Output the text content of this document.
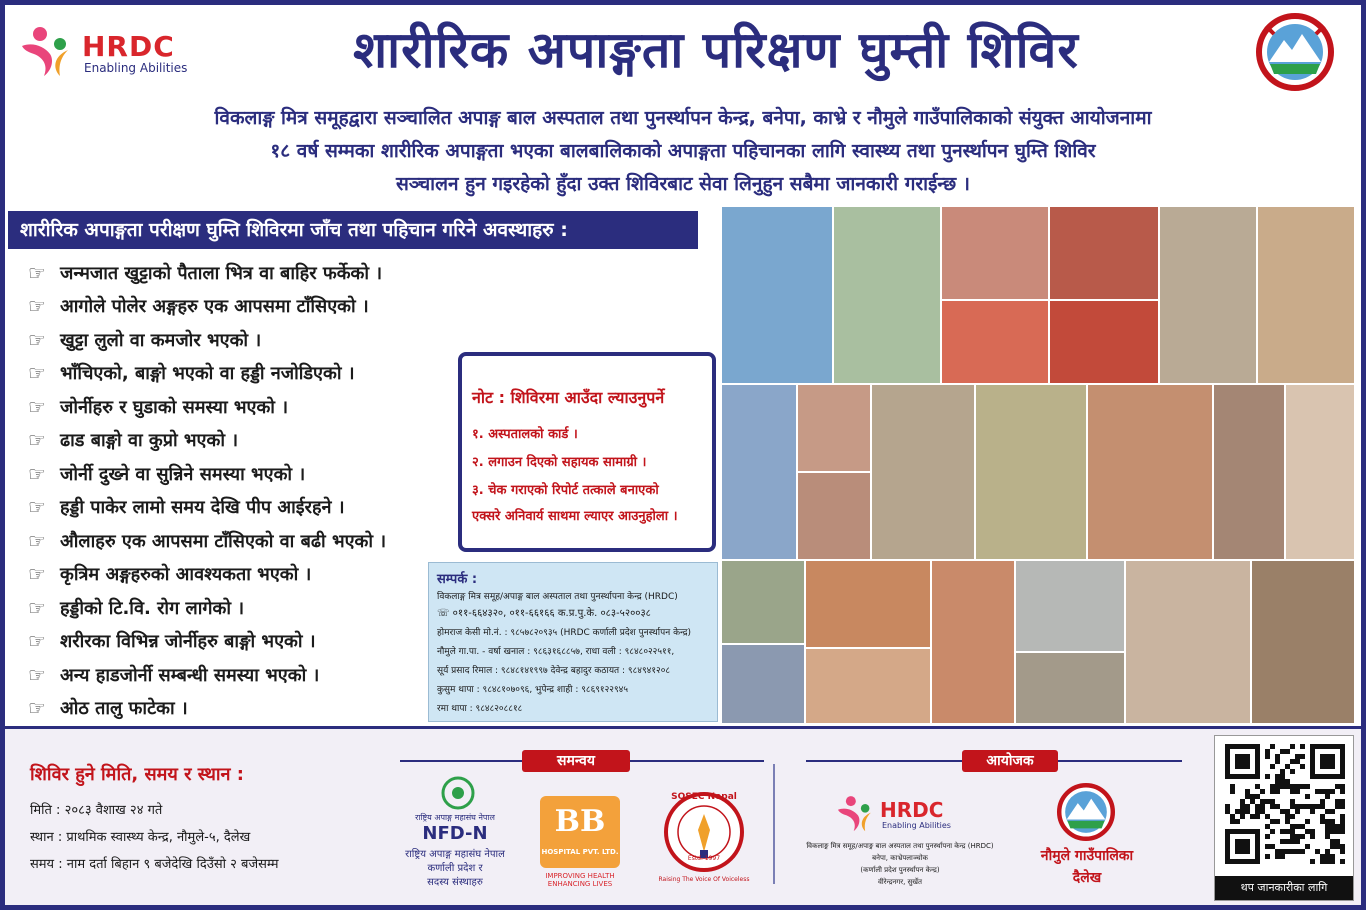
HRDC
Enabling Abilities	शारीरिक अपाङ्गता परिक्षण घुम्ती शिविर
विकलाङ्ग मित्र समूहद्वारा सञ्चालित अपाङ्ग बाल अस्पताल तथा पुनर्स्थापन केन्द्र, बनेपा, काभ्रे र नौमुले गाउँपालिकाको संयुक्त आयोजनामा
१८ वर्ष सम्मका शारीरिक अपाङ्गता भएका बालबालिकाको अपाङ्गता पहिचानका लागि स्वास्थ्य तथा पुनर्स्थापन घुम्ति शिविर
सञ्चालन हुन गइरहेको हुँदा उक्त शिविरबाट सेवा लिनुहुन सबैमा जानकारी गराईन्छ ।
शारीरिक अपाङ्गता परीक्षण घुम्ति शिविरमा जाँच तथा पहिचान गरिने अवस्थाहरु :
☞ जन्मजात खुट्टाको पैताला भित्र वा बाहिर फर्केको ।
☞ आगोले पोलेर अङ्गहरु एक आपसमा टाँसिएको ।
☞ खुट्टा लुलो वा कमजोर भएको ।
☞ भाँचिएको, बाङ्गो भएको वा हड्डी नजोडिएको ।
☞ जोर्नीहरु र घुडाको समस्या भएको ।
☞ ढाड बाङ्गो वा कुप्रो भएको ।
☞ जोर्नी दुख्ने वा सुन्निने समस्या भएको ।
☞ हड्डी पाकेर लामो समय देखि पीप आईरहने ।
☞ औलाहरु एक आपसमा टाँसिएको वा बढी भएको ।
☞ कृत्रिम अङ्गहरुको आवश्यकता भएको ।
☞ हड्डीको टि.वि. रोग लागेको ।
☞ शरीरका विभिन्न जोर्नीहरु बाङ्गो भएको ।
☞ अन्य हाडजोर्नी सम्बन्धी समस्या भएको ।
☞ ओठ तालु फाटेका ।
नोट : शिविरमा आउँदा ल्याउनुपर्ने
१. अस्पतालको कार्ड ।
२. लगाउन दिएको सहायक सामाग्री ।
३. चेक गराएको रिपोर्ट तत्काले बनाएको
एक्सरे अनिवार्य साथमा ल्याएर आउनुहोला ।
सम्पर्क :
विकलाङ्ग मित्र समूह/अपाङ्ग बाल अस्पताल तथा पुनर्स्थापना केन्द्र (HRDC)
☏ ०११-६६४३२०, ०११-६६१६६ क.प्र.पु.के. ०८३-५२००३८
होमराज केसी मो.नं. : ९८५७८२०९३५ (HRDC कर्णाली प्रदेश पुनर्स्थापन केन्द्र)
नौमुले गा.पा. - वर्षा खनाल : ९८६३१६८८५७, राधा वली : ९८४८०२२५११,
सूर्य प्रसाद रिमाल : ९८४८१४१९९७ देवेन्द्र बहादुर कठायत : ९८४९४१२०८
कुसुम थापा : ९८४८१०७०९६, भुपेन्द्र शाही : ९८६९१२२९४५
रमा थापा : ९८४८२०८८१८
शिविर हुने मिति, समय र स्थान :
मिति : २०८३ वैशाख २४ गते
स्थान : प्राथमिक स्वास्थ्य केन्द्र, नौमुले-५, दैलेख
समय : नाम दर्ता बिहान ९ बजेदेखि दिउँसो २ बजेसम्म
समन्वय	आयोजक
राष्ट्रिय अपाङ्ग महासंघ नेपाल
NFD-N
राष्ट्रिय अपाङ्ग महासंघ नेपाल
कर्णाली प्रदेश र
सदस्य संस्थाहरु
BB
HOSPITAL PVT. LTD.
IMPROVING HEALTH
ENHANCING LIVES
SOSEC Nepal
Estd. 1997
Raising The Voice Of Voiceless
HRDC
Enabling Abilities
विकलाङ्ग मित्र समूह/अपाङ्ग बाल अस्पताल तथा पुनर्स्थापना केन्द्र (HRDC)
बनेपा, काभ्रेपलाञ्चोक
(कर्णाली प्रदेश पुनर्स्थापन केन्द्र)
वीरेन्द्रनगर, सुर्खेत
नौमुले गाउँपालिका
दैलेख
थप जानकारीका लागि
